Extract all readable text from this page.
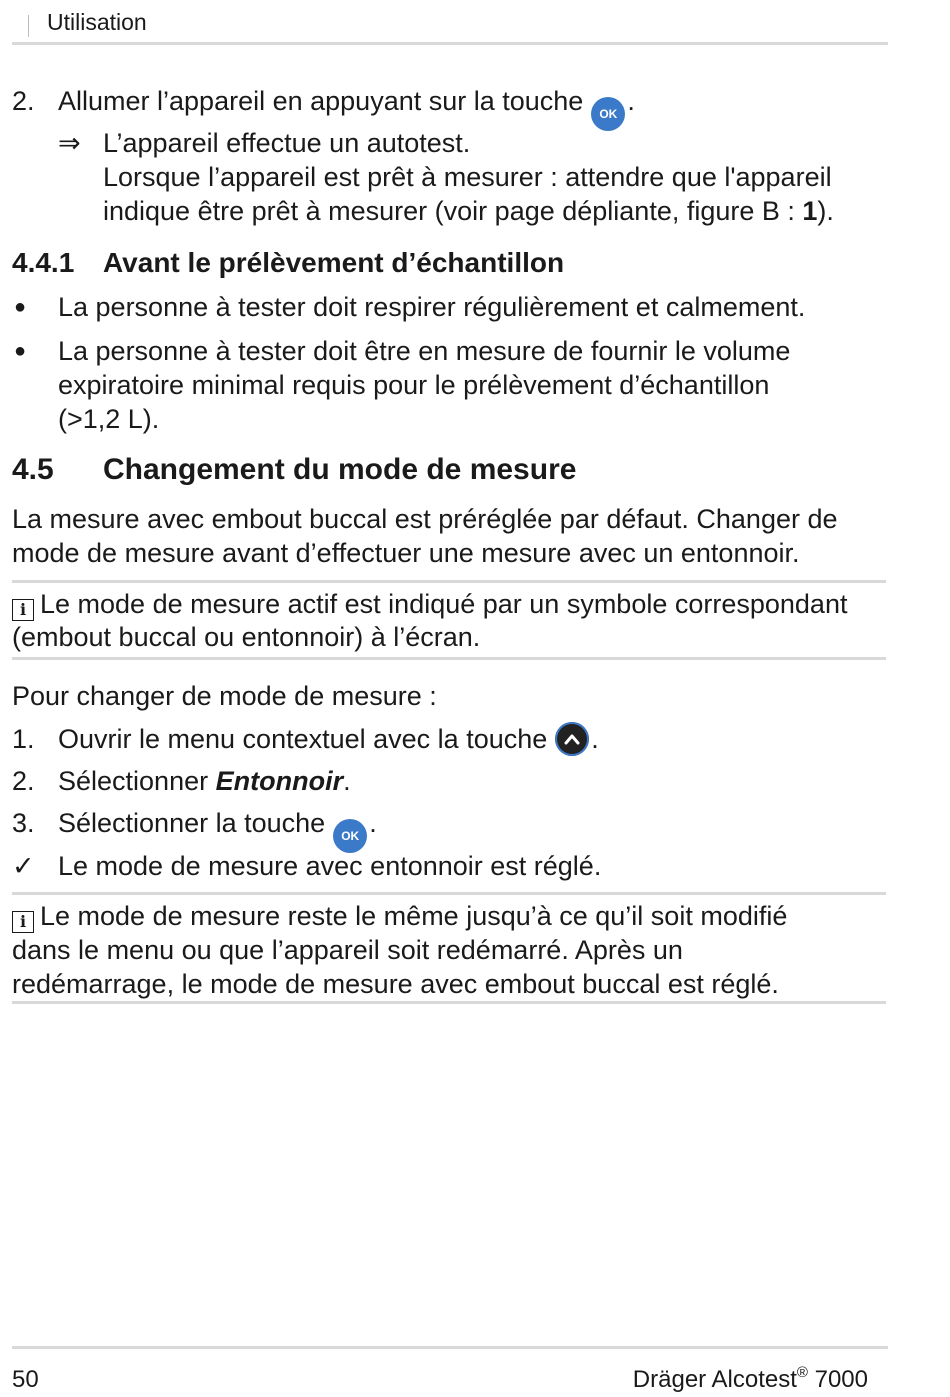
Utilisation
2. Allumer l’appareil en appuyant sur la touche OK .
⇒ L’appareil effectue un autotest.
Lorsque l’appareil est prêt à mesurer : attendre que l'appareil
indique être prêt à mesurer (voir page dépliante, figure B : 1).
4.4.1 Avant le prélèvement d’échantillon
● La personne à tester doit respirer régulièrement et calmement.
● La personne à tester doit être en mesure de fournir le volume
expiratoire minimal requis pour le prélèvement d’échantillon
(>1,2 L).
4.5 Changement du mode de mesure
La mesure avec embout buccal est préréglée par défaut. Changer de
mode de mesure avant d’effectuer une mesure avec un entonnoir.
i Le mode de mesure actif est indiqué par un symbole correspondant
(embout buccal ou entonnoir) à l’écran.
Pour changer de mode de mesure :
1. Ouvrir le menu contextuel avec la touche .
2. Sélectionner Entonnoir.
3. Sélectionner la touche OK .
✓ Le mode de mesure avec entonnoir est réglé.
i Le mode de mesure reste le même jusqu’à ce qu’il soit modifié
dans le menu ou que l’appareil soit redémarré. Après un
redémarrage, le mode de mesure avec embout buccal est réglé.
50	Dräger Alcotest® 7000
